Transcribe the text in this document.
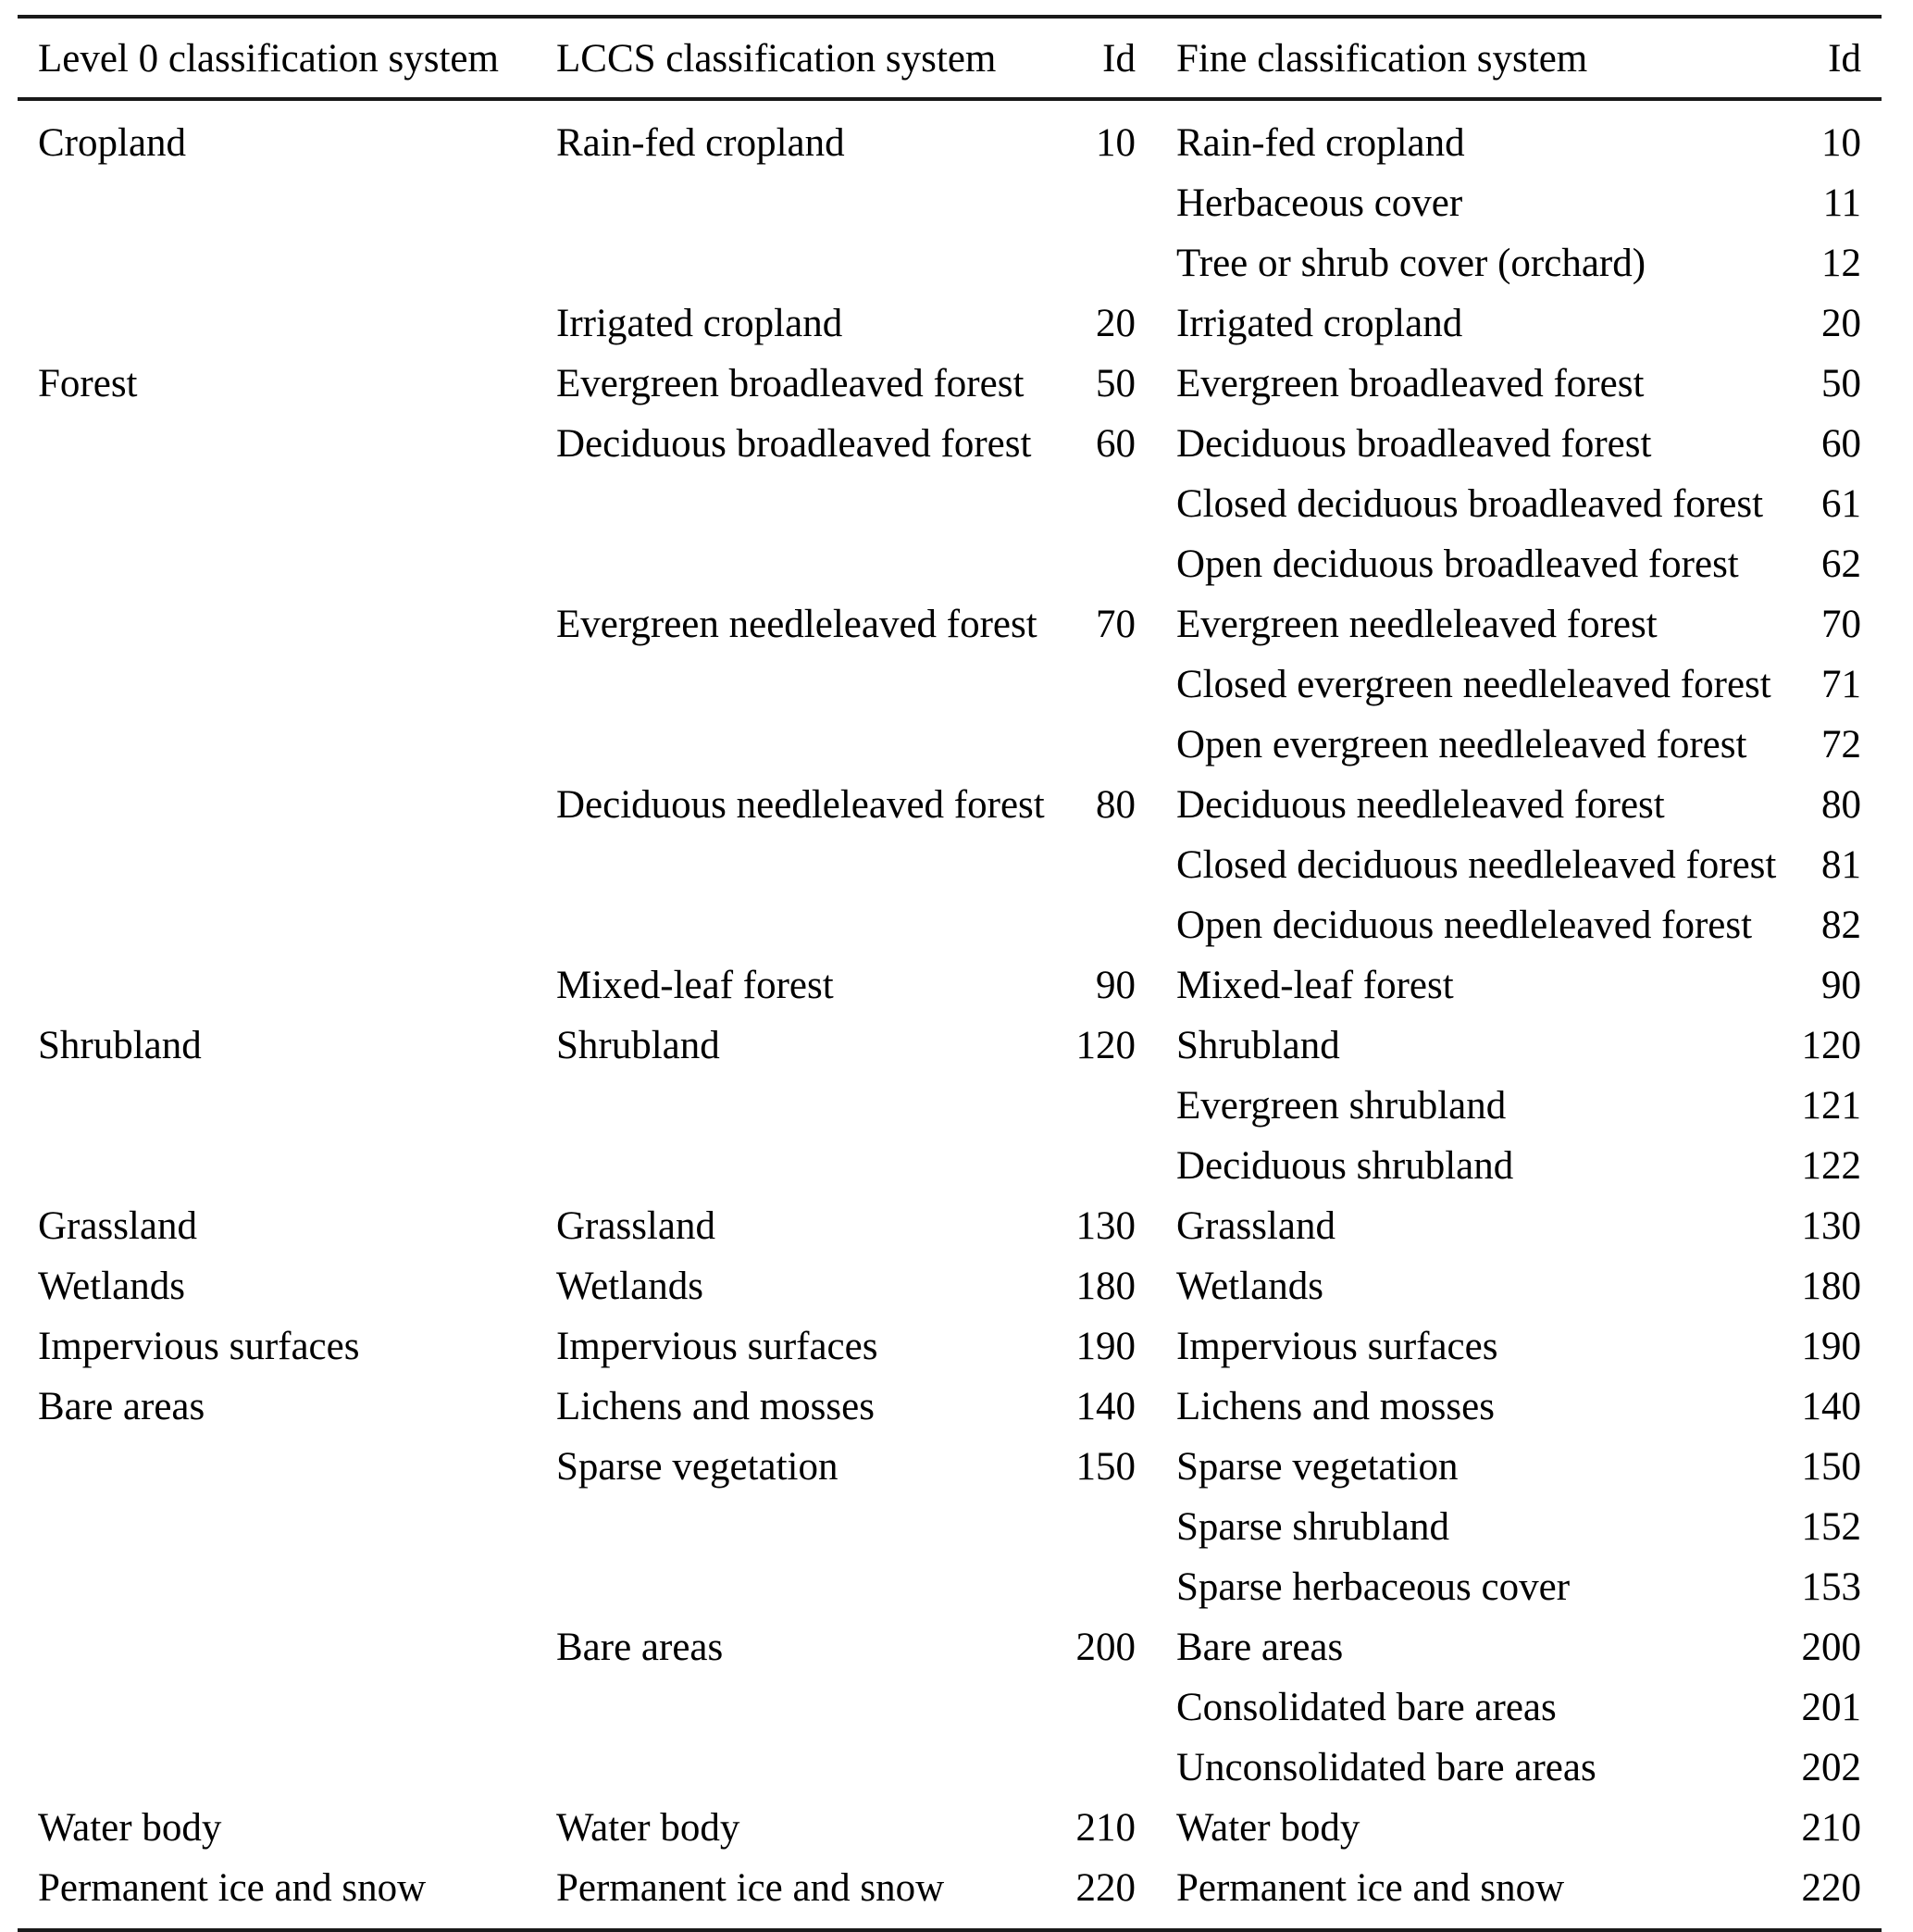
Level 0 classification system	LCCS classification system	Id	Fine classification system	Id
Cropland	Rain-fed cropland	10	Rain-fed cropland	10
			Herbaceous cover	11
			Tree or shrub cover (orchard)	12
	Irrigated cropland	20	Irrigated cropland	20
Forest	Evergreen broadleaved forest	50	Evergreen broadleaved forest	50
	Deciduous broadleaved forest	60	Deciduous broadleaved forest	60
			Closed deciduous broadleaved forest	61
			Open deciduous broadleaved forest	62
	Evergreen needleleaved forest	70	Evergreen needleleaved forest	70
			Closed evergreen needleleaved forest	71
			Open evergreen needleleaved forest	72
	Deciduous needleleaved forest	80	Deciduous needleleaved forest	80
			Closed deciduous needleleaved forest	81
			Open deciduous needleleaved forest	82
	Mixed-leaf forest	90	Mixed-leaf forest	90
Shrubland	Shrubland	120	Shrubland	120
			Evergreen shrubland	121
			Deciduous shrubland	122
Grassland	Grassland	130	Grassland	130
Wetlands	Wetlands	180	Wetlands	180
Impervious surfaces	Impervious surfaces	190	Impervious surfaces	190
Bare areas	Lichens and mosses	140	Lichens and mosses	140
	Sparse vegetation	150	Sparse vegetation	150
			Sparse shrubland	152
			Sparse herbaceous cover	153
	Bare areas	200	Bare areas	200
			Consolidated bare areas	201
			Unconsolidated bare areas	202
Water body	Water body	210	Water body	210
Permanent ice and snow	Permanent ice and snow	220	Permanent ice and snow	220
